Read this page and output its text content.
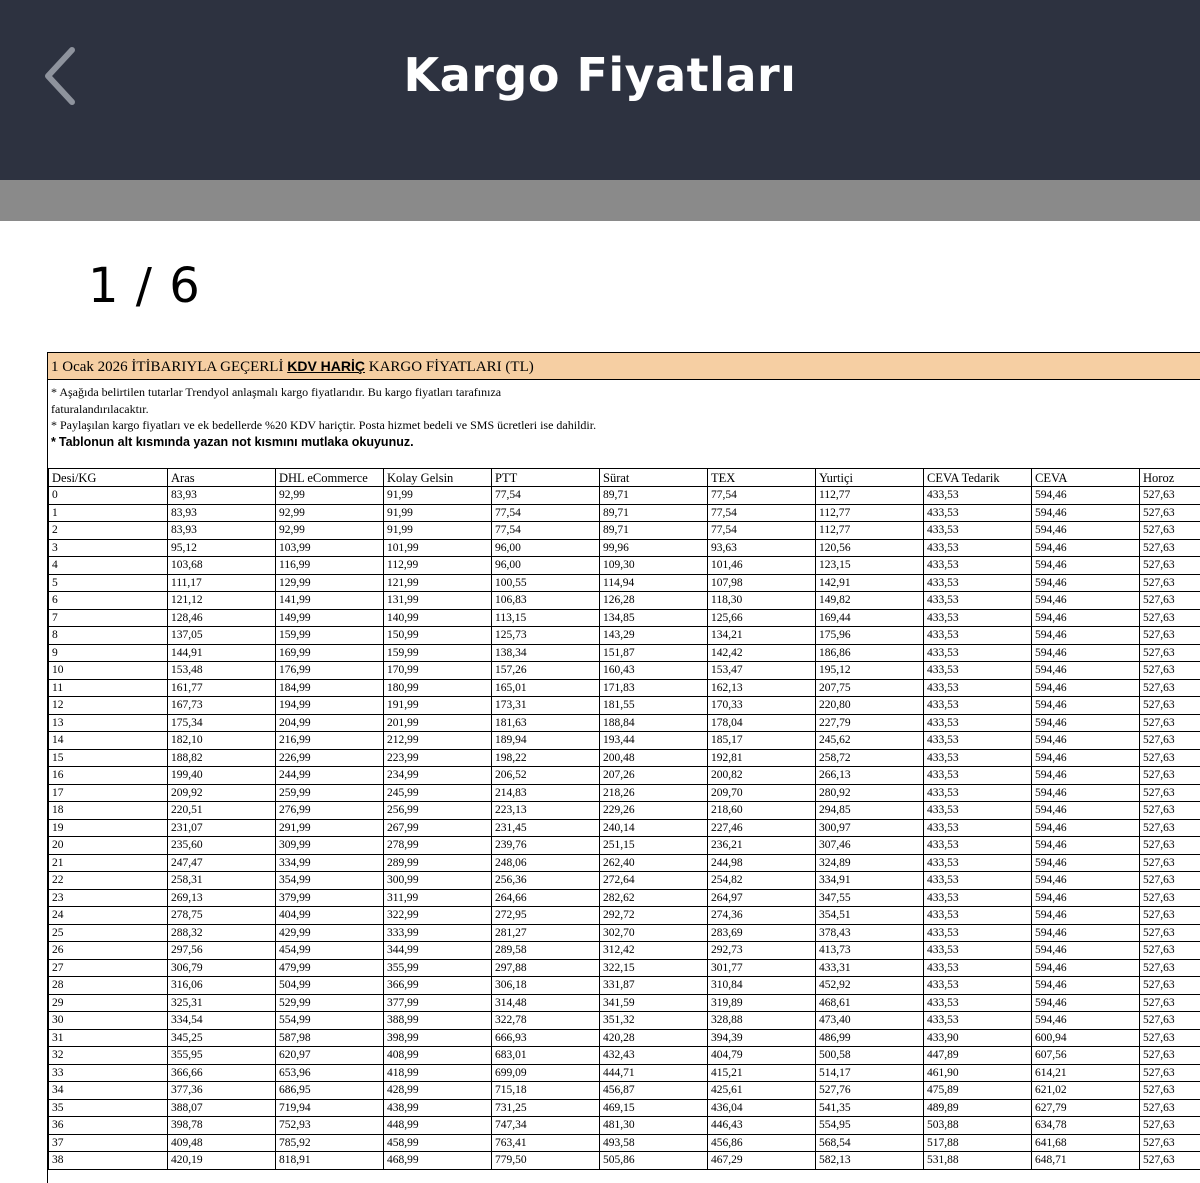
Kargo Fiyatları
1 / 6
1 Ocak 2026 İTİBARIYLA GEÇERLİ KDV HARİÇ KARGO FİYATLARI (TL)
* Aşağıda belirtilen tutarlar Trendyol anlaşmalı kargo fiyatlarıdır. Bu kargo fiyatları tarafınıza
faturalandırılacaktır.
* Paylaşılan kargo fiyatları ve ek bedellerde %20 KDV hariçtir. Posta hizmet bedeli ve SMS ücretleri ise dahildir.
* Tablonun alt kısmında yazan not kısmını mutlaka okuyunuz.
Desi/KG	Aras	DHL eCommerce	Kolay Gelsin	PTT	Sürat	TEX	Yurtiçi	CEVA Tedarik	CEVA	Horoz
0	83,93	92,99	91,99	77,54	89,71	77,54	112,77	433,53	594,46	527,63
1	83,93	92,99	91,99	77,54	89,71	77,54	112,77	433,53	594,46	527,63
2	83,93	92,99	91,99	77,54	89,71	77,54	112,77	433,53	594,46	527,63
3	95,12	103,99	101,99	96,00	99,96	93,63	120,56	433,53	594,46	527,63
4	103,68	116,99	112,99	96,00	109,30	101,46	123,15	433,53	594,46	527,63
5	111,17	129,99	121,99	100,55	114,94	107,98	142,91	433,53	594,46	527,63
6	121,12	141,99	131,99	106,83	126,28	118,30	149,82	433,53	594,46	527,63
7	128,46	149,99	140,99	113,15	134,85	125,66	169,44	433,53	594,46	527,63
8	137,05	159,99	150,99	125,73	143,29	134,21	175,96	433,53	594,46	527,63
9	144,91	169,99	159,99	138,34	151,87	142,42	186,86	433,53	594,46	527,63
10	153,48	176,99	170,99	157,26	160,43	153,47	195,12	433,53	594,46	527,63
11	161,77	184,99	180,99	165,01	171,83	162,13	207,75	433,53	594,46	527,63
12	167,73	194,99	191,99	173,31	181,55	170,33	220,80	433,53	594,46	527,63
13	175,34	204,99	201,99	181,63	188,84	178,04	227,79	433,53	594,46	527,63
14	182,10	216,99	212,99	189,94	193,44	185,17	245,62	433,53	594,46	527,63
15	188,82	226,99	223,99	198,22	200,48	192,81	258,72	433,53	594,46	527,63
16	199,40	244,99	234,99	206,52	207,26	200,82	266,13	433,53	594,46	527,63
17	209,92	259,99	245,99	214,83	218,26	209,70	280,92	433,53	594,46	527,63
18	220,51	276,99	256,99	223,13	229,26	218,60	294,85	433,53	594,46	527,63
19	231,07	291,99	267,99	231,45	240,14	227,46	300,97	433,53	594,46	527,63
20	235,60	309,99	278,99	239,76	251,15	236,21	307,46	433,53	594,46	527,63
21	247,47	334,99	289,99	248,06	262,40	244,98	324,89	433,53	594,46	527,63
22	258,31	354,99	300,99	256,36	272,64	254,82	334,91	433,53	594,46	527,63
23	269,13	379,99	311,99	264,66	282,62	264,97	347,55	433,53	594,46	527,63
24	278,75	404,99	322,99	272,95	292,72	274,36	354,51	433,53	594,46	527,63
25	288,32	429,99	333,99	281,27	302,70	283,69	378,43	433,53	594,46	527,63
26	297,56	454,99	344,99	289,58	312,42	292,73	413,73	433,53	594,46	527,63
27	306,79	479,99	355,99	297,88	322,15	301,77	433,31	433,53	594,46	527,63
28	316,06	504,99	366,99	306,18	331,87	310,84	452,92	433,53	594,46	527,63
29	325,31	529,99	377,99	314,48	341,59	319,89	468,61	433,53	594,46	527,63
30	334,54	554,99	388,99	322,78	351,32	328,88	473,40	433,53	594,46	527,63
31	345,25	587,98	398,99	666,93	420,28	394,39	486,99	433,90	600,94	527,63
32	355,95	620,97	408,99	683,01	432,43	404,79	500,58	447,89	607,56	527,63
33	366,66	653,96	418,99	699,09	444,71	415,21	514,17	461,90	614,21	527,63
34	377,36	686,95	428,99	715,18	456,87	425,61	527,76	475,89	621,02	527,63
35	388,07	719,94	438,99	731,25	469,15	436,04	541,35	489,89	627,79	527,63
36	398,78	752,93	448,99	747,34	481,30	446,43	554,95	503,88	634,78	527,63
37	409,48	785,92	458,99	763,41	493,58	456,86	568,54	517,88	641,68	527,63
38	420,19	818,91	468,99	779,50	505,86	467,29	582,13	531,88	648,71	527,63
